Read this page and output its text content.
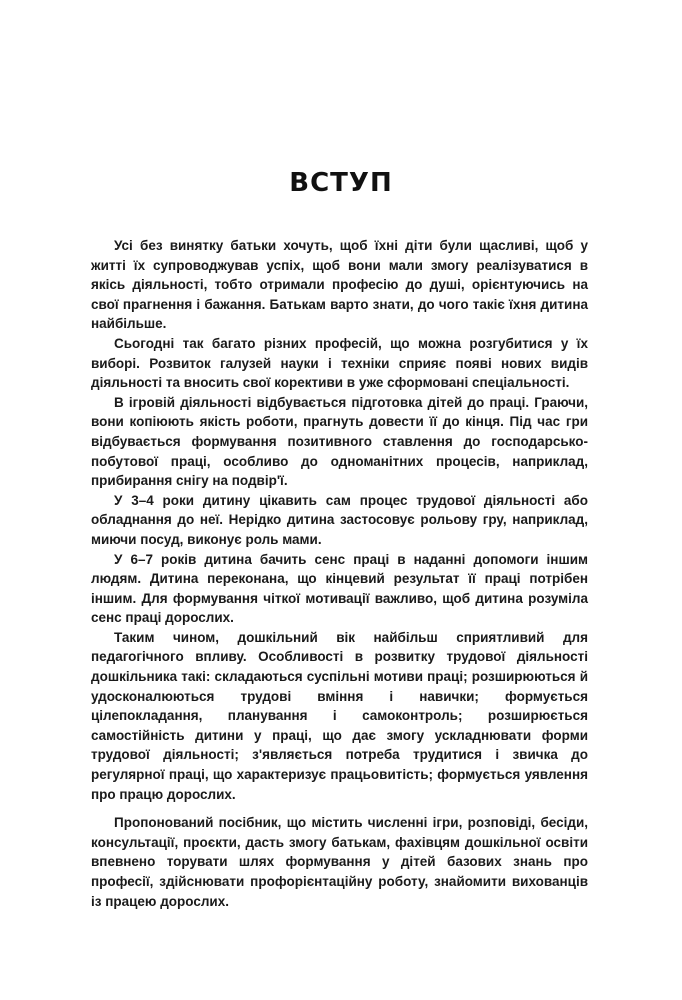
ВСТУП

Усі без винятку батьки хочуть, щоб їхні діти були щасливі, щоб у житті їх супроводжував успіх, щоб вони мали змогу реалізуватися в якісь діяльності, тобто отримали професію до душі, орієнтуючись на свої прагнення і бажання. Батькам варто знати, до чого такіє їхня дитина найбільше.

Сьогодні так багато різних професій, що можна розгубитися у їх виборі. Розвиток галузей науки і техніки сприяє появі нових видів діяльності та вносить свої корективи в уже сформовані спеціальності.

В ігровій діяльності відбувається підготовка дітей до праці. Граючи, вони копіюють якість роботи, прагнуть довести її до кінця. Під час гри відбувається формування позитивного ставлення до господарсько-побутової праці, особливо до одноманітних процесів, наприклад, прибирання снігу на подвір'ї.

У 3–4 роки дитину цікавить сам процес трудової діяльності або обладнання до неї. Нерідко дитина застосовує рольову гру, наприклад, миючи посуд, виконує роль мами.

У 6–7 років дитина бачить сенс праці в наданні допомоги іншим людям. Дитина переконана, що кінцевий результат її праці потрібен іншим. Для формування чіткої мотивації важливо, щоб дитина розуміла сенс праці дорослих.

Таким чином, дошкільний вік найбільш сприятливий для педагогічного впливу. Особливості в розвитку трудової діяльності дошкільника такі: складаються суспільні мотиви праці; розширюються й удосконалюються трудові вміння і навички; формується цілепокладання, планування і самоконтроль; розширюється самостійність дитини у праці, що дає змогу ускладнювати форми трудової діяльності; з'являється потреба трудитися і звичка до регулярної праці, що характеризує працьовитість; формується уявлення про працю дорослих.

Пропонований посібник, що містить численні ігри, розповіді, бесіди, консультації, проєкти, дасть змогу батькам, фахівцям дошкільної освіти впевнено торувати шлях формування у дітей базових знань про професії, здійснювати профорієнтаційну роботу, знайомити вихованців із працею дорослих.
